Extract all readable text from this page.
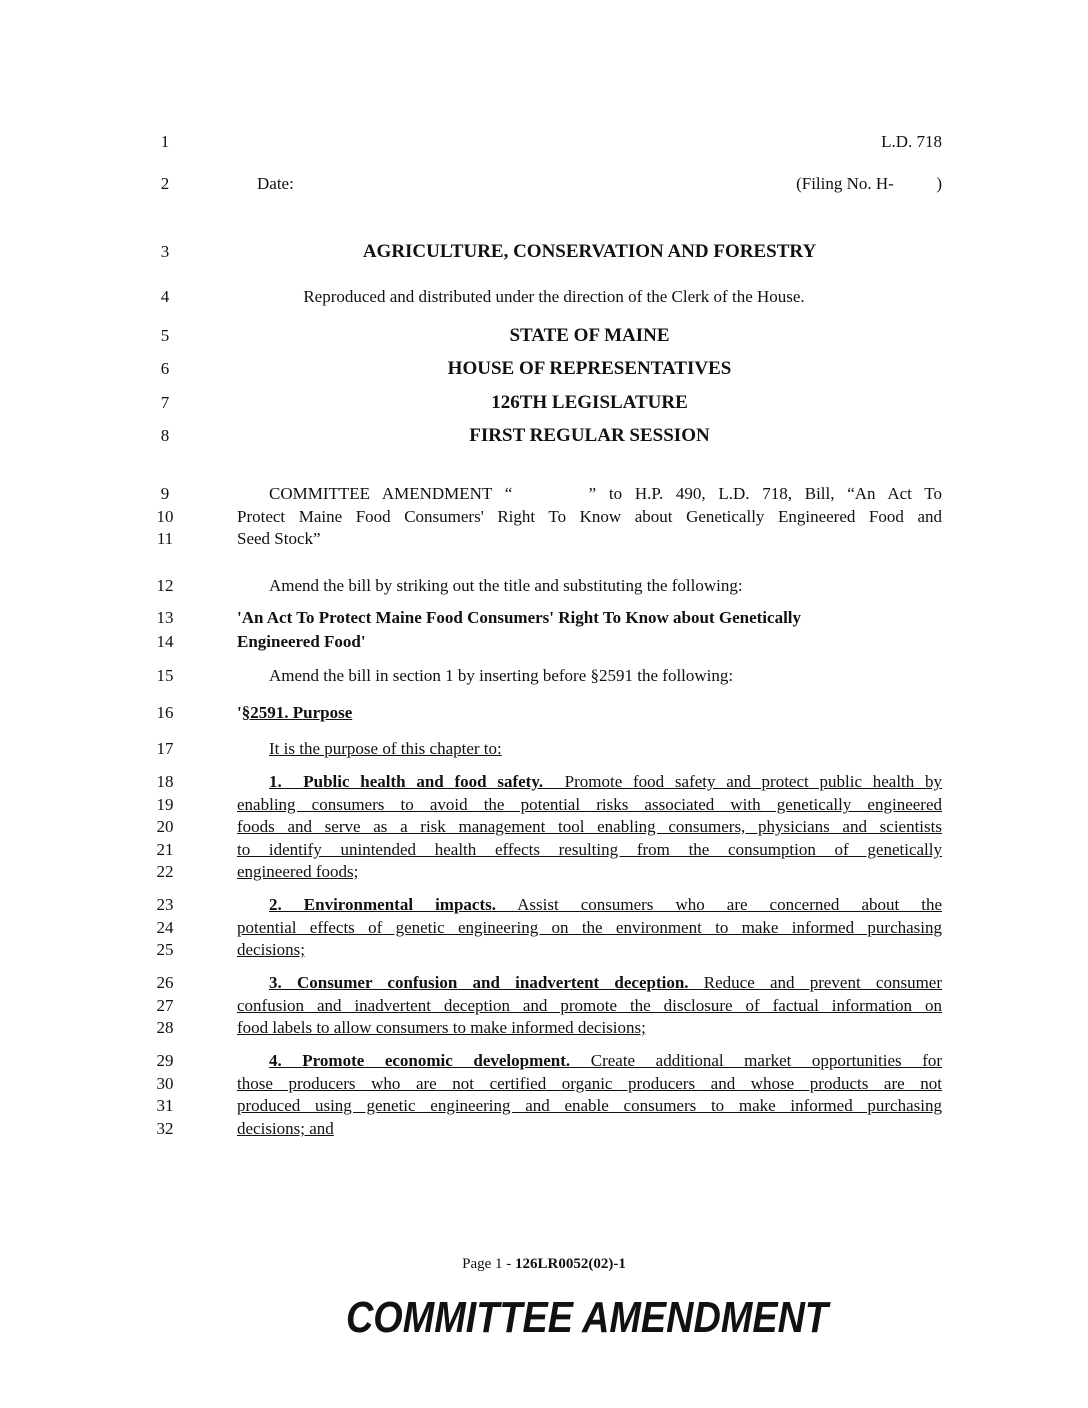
1
2
3
4
5
6
7
8
9
10
11
12
13
14
15
16
17
18
19
20
21
22
23
24
25
26
27
28
29
30
31
32
L.D. 718
Date:	(Filing No. H-          )
AGRICULTURE, CONSERVATION AND FORESTRY
Reproduced and distributed under the direction of the Clerk of the House.
STATE OF MAINE
HOUSE OF REPRESENTATIVES
126TH LEGISLATURE
FIRST REGULAR SESSION
COMMITTEE AMENDMENT “      ” to H.P. 490, L.D. 718, Bill, “An Act To
Protect Maine Food Consumers' Right To Know about Genetically Engineered Food and
Seed Stock”
Amend the bill by striking out the title and substituting the following:
'An Act To Protect Maine Food Consumers' Right To Know about Genetically
Engineered Food'
Amend the bill in section 1 by inserting before §2591 the following:
'§2591. Purpose
It is the purpose of this chapter to:
1.  Public health and food safety. Promote food safety and protect public health by
enabling consumers to avoid the potential risks associated with genetically engineered
foods and serve as a risk management tool enabling consumers, physicians and scientists
to identify unintended health effects resulting from the consumption of genetically
engineered foods;
2. Environmental impacts. Assist consumers who are concerned about the
potential effects of genetic engineering on the environment to make informed purchasing
decisions;
3. Consumer confusion and inadvertent deception. Reduce and prevent consumer
confusion and inadvertent deception and promote the disclosure of factual information on
food labels to allow consumers to make informed decisions;
4. Promote economic development. Create additional market opportunities for
those producers who are not certified organic producers and whose products are not
produced using genetic engineering and enable consumers to make informed purchasing
decisions; and
Page 1 - 126LR0052(02)-1
COMMITTEE AMENDMENT
